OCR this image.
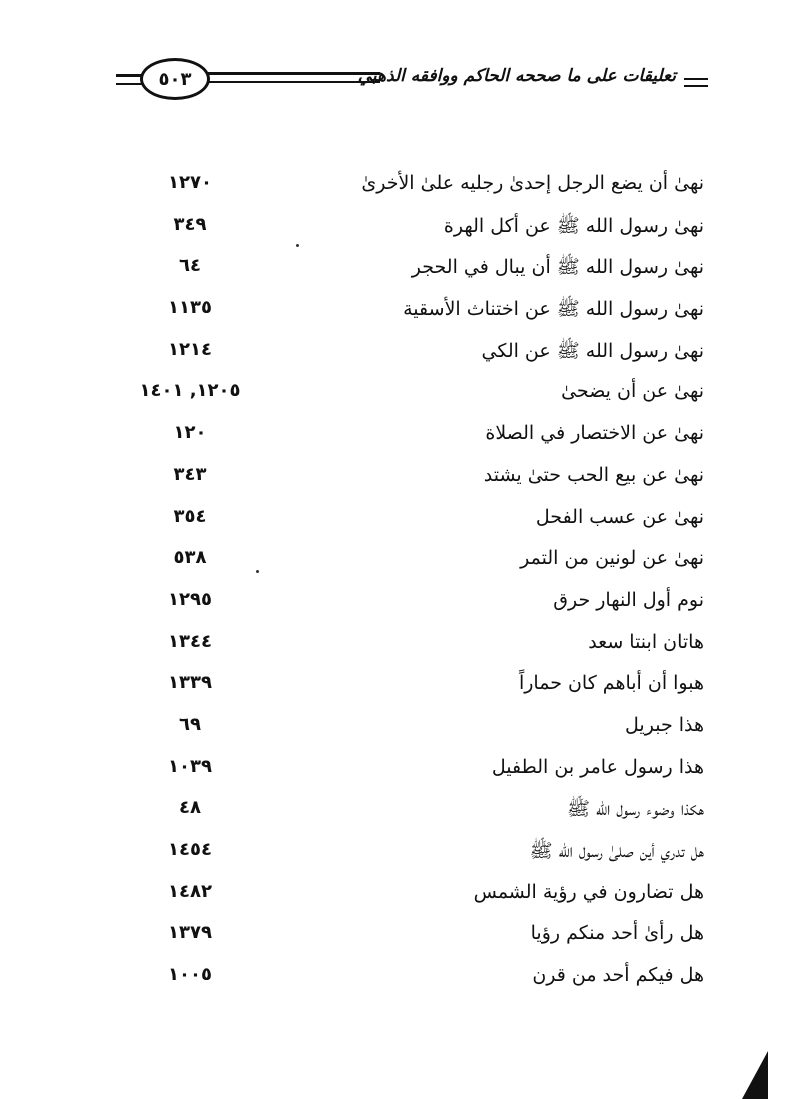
تعليقات على ما صححه الحاكم ووافقه الذهبي
٥٠٣
نهىٰ أن يضع الرجل إحدىٰ رجليه علىٰ الأخرىٰ
١٢٧٠
نهىٰ رسول الله ﷺ عن أكل الهرة
٣٤٩
نهىٰ رسول الله ﷺ أن يبال في الحجر
٦٤
نهىٰ رسول الله ﷺ عن اختناث الأسقية
١١٣٥
نهىٰ رسول الله ﷺ عن الكي
١٢١٤
نهىٰ عن أن يضحىٰ
١٢٠٥, ١٤٠١
نهىٰ عن الاختصار في الصلاة
١٢٠
نهىٰ عن بيع الحب حتىٰ يشتد
٣٤٣
نهىٰ عن عسب الفحل
٣٥٤
نهىٰ عن لونين من التمر
٥٣٨
نوم أول النهار حرق
١٢٩٥
هاتان ابنتا سعد
١٣٤٤
هبوا أن أباهم كان حماراً
١٣٣٩
هذا جبريل
٦٩
هذا رسول عامر بن الطفيل
١٠٣٩
هكذا وضوء رسول الله ﷺ
٤٨
هل تدري أين صلىٰ رسول الله ﷺ
١٤٥٤
هل تضارون في رؤية الشمس
١٤٨٢
هل رأىٰ أحد منكم رؤيا
١٣٧٩
هل فيكم أحد من قرن
١٠٠٥
